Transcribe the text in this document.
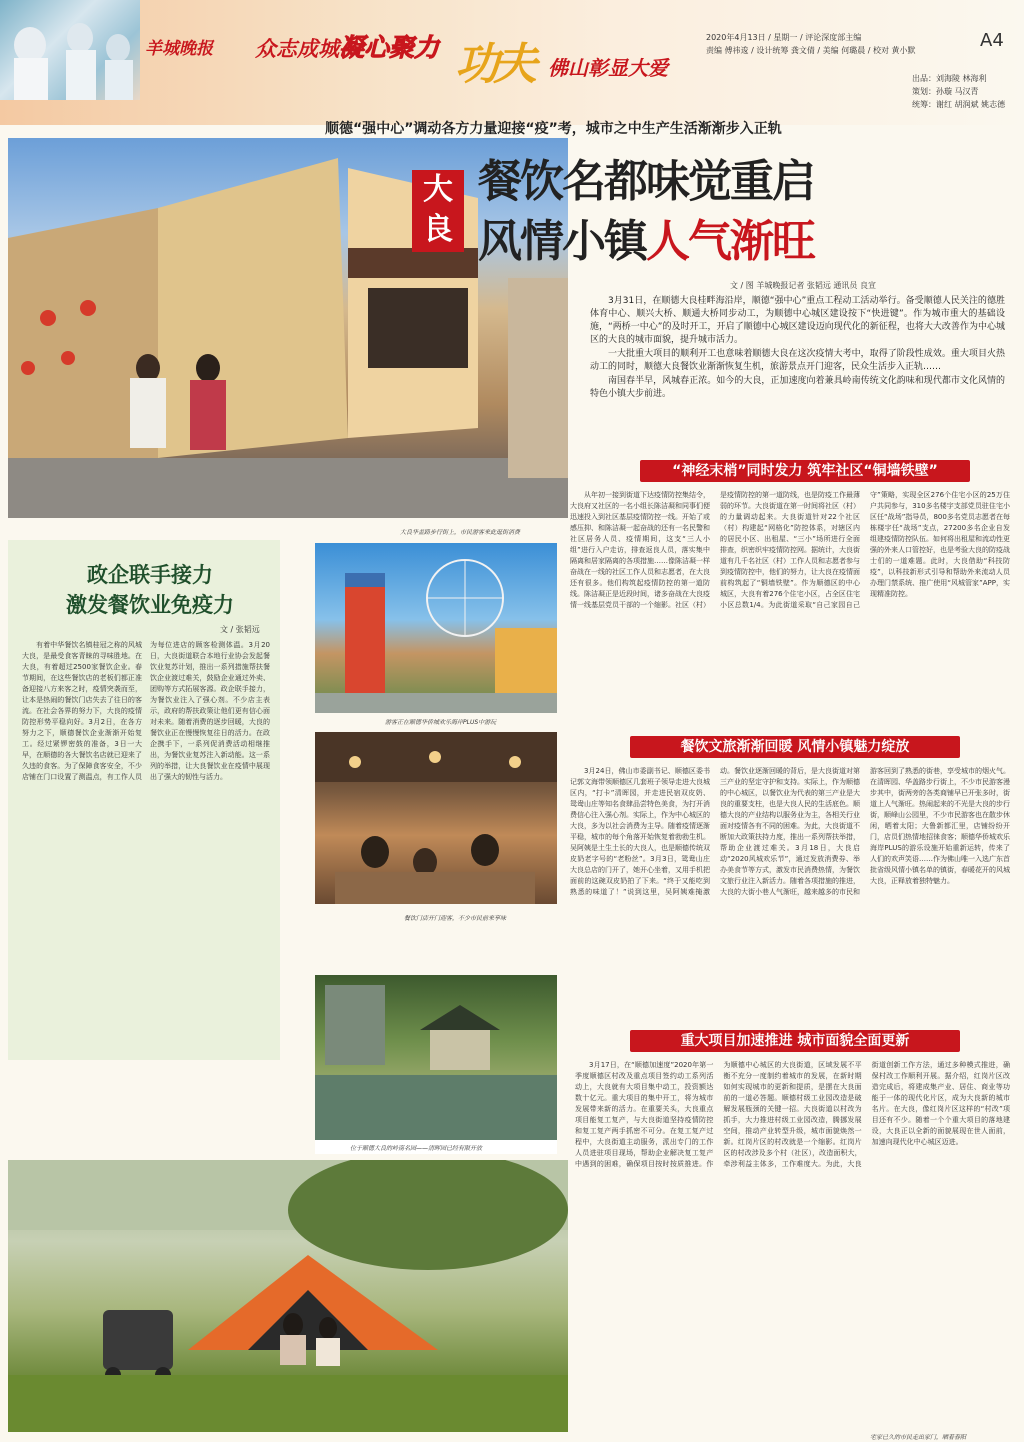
羊城晚报 众志成城凝心聚力 功夫 佛山彰显大爱
2020年4月13日 / 星期一 / 评论深度部主编	A4
责编 傅祎逡 / 设计统筹 龚文倩 / 美编 何璐晨 / 校对 黄小默
出品：刘海陵 林海利
策划：孙璇 马汉青
统筹：谢红 胡润斌 姚志德
顺德“强中心”调动各方力量迎接“疫”考，城市之中生产生活渐渐步入正轨
大良华盖路步行街上，市民游客来此逛街消费
大
良
餐饮名都味觉重启
风情小镇人气渐旺
文 / 图 羊城晚报记者 张韬远 通讯员 良宣

3月31日，在顺德大良桂畔海沿岸，顺德“强中心”重点工程动工活动举行。备受顺德人民关注的德胜体育中心、顺兴大桥、顺通大桥同步动工，为顺德中心城区建设按下“快进键”。作为城市重大的基础设施，“两桥一中心”的及时开工，开启了顺德中心城区建设迈向现代化的新征程，也将大大改善作为中心城区的大良的城市面貌，提升城市活力。

一大批重大项目的顺利开工也意味着顺德大良在这次疫情大考中，取得了阶段性成效。重大项目火热动工的同时，顺德大良餐饮业渐渐恢复生机，旅游景点开门迎客，民众生活步入正轨……

南国春半早，风城春正浓。如今的大良，正加速度向着兼具岭南传统文化韵味和现代都市文化风情的特色小镇大步前进。

政企联手接力
激发餐饮业免疫力
文 / 张韬远

有着中华餐饮名镇桂冠之称的风城大良，是最受食客青睐的寻味胜地。在大良，有着超过2500家餐饮企业。春节期间，在这些餐饮店的老板们都正准备迎接八方来客之时，疫情突袭而至，让本是热闹的餐饮门店失去了往日的客流。在社会各界的努力下，大良的疫情防控形势平稳向好。3月2日，在各方努力之下，顺德餐饮企业渐渐开始复工。经过紧锣密鼓的准备，3日一大早，在顺德的各大餐饮名店就已迎来了久违的食客。为了保障食客安全，不少店铺在门口设置了测温点，有工作人员为每位进店的顾客检测体温。3月20日，大良街道联合本地行业协会发起餐饮业复苏计划，推出一系列措施帮扶餐饮企业渡过难关，鼓励企业通过外卖、团购等方式拓展客源。政企联手接力，为餐饮业注入了强心剂。不少店主表示，政府的帮扶政策让他们更有信心面对未来。随着消费的逐步回暖，大良的餐饮业正在慢慢恢复往日的活力。在政企携手下，一系列促消费活动相继推出，为餐饮业复苏注入新动能。这一系列的举措，让大良餐饮业在疫情中展现出了强大的韧性与活力。

游客正在顺德华侨城欢乐海岸PLUS中游玩
餐饮门店开门迎客，不少市民前来享味
位于顺德大良的岭南名园——清晖园已经有限开放
“神经末梢”同时发力 筑牢社区“铜墙铁壁”

从年初一接到街道下达疫情防控集结令，大良府又社区的一名小组长陈洁凝和同事们便迅速投入到社区基层疫情防控一线。开始了或感压抑、和陈洁凝一起奋战的还有一名民警和社区居务人员、疫情期间，这支“三人小组”进行入户走访，排查返良人员，落实集中隔离和居家隔离的各项措施……像陈洁凝一样奋战在一线的社区工作人员和志愿者，在大良还有很多。他们构筑起疫情防控的第一道防线。陈洁凝正是近段时间，诸多奋战在大良疫情一线基层党员干部的一个缩影。社区（村）是疫情防控的第一道防线，也是防疫工作最薄弱的环节。大良街道在第一时间将社区（村）的力量调动起来。大良街道针对22个社区（村）构建起“网格化”防控体系，对辖区内的居民小区、出租屋、“三小”场所进行全面排查，织密织牢疫情防控网。据统计，大良街道有几千名社区（村）工作人员和志愿者参与到疫情防控中，他们的努力，让大良在疫情面前构筑起了“铜墙铁壁”。作为顺德区的中心城区，大良有着276个住宅小区，占全区住宅小区总数1/4。为此街道采取“自己家园自己守”策略，实现全区276个住宅小区的25万住户共同参与，310多名楼宇支部党员驻住宅小区任“战场”指导员，800多名党员志愿者在每栋楼宇任“战场”支点，27200多名企业自发组建疫情防控队伍。如何将出租屋和流动性更强的外来人口管控好，也是考验大良的防疫战士们的一道难题。此时，大良借助“科技防疫”，以科技新形式引导和帮助外来流动人员办理门禁系统、推广使用“风城管家”APP，实现精准防控。

餐饮文旅渐渐回暖 风情小镇魅力绽放

3月24日，佛山市委副书记、顺德区委书记郭文海带领顺德区几套班子领导走进大良城区内，“打卡”清晖园，并走进民宿双皮奶、鸳鸯山庄等知名食肆品尝特色美食，为打开消费信心注入强心剂。实际上，作为中心城区的大良，多为以社会消费为主导。随着疫情逐渐平稳，城市的每个角落开始恢复着勃勃生机。吴阿姨是土生土长的大良人，也是顺德传统双皮奶老字号的“老粉丝”。3月3日，鸳鸯山庄大良总店的门开了，她开心坐着，又用手机把面前的这碗双皮奶拍了下来。“终于又能吃到熟悉的味道了！”说到这里，吴阿姨难掩激动。餐饮业逐渐回暖的背后，是大良街道对第三产业的坚定守护和支持。实际上，作为顺德的中心城区，以餐饮业为代表的第三产业是大良的重要支柱，也是大良人民的生活底色。顺德大良的产业结构以服务业为主，各相关行业面对疫情各有不同的困难。为此，大良街道不断加大政策扶持力度，推出一系列帮扶举措，帮助企业渡过难关。3月18日，大良启动“2020风城欢乐节”，通过发放消费券、举办美食节等方式，激发市民消费热情，为餐饮文旅行业注入新活力。随着各项措施的推进，大良的大街小巷人气渐旺，越来越多的市民和游客回到了熟悉的街巷，享受城市的烟火气。在清晖园、华盖路步行街上，不少市民游客漫步其中，街两旁的各类商铺早已开张多时，街道上人气渐旺。热闹起来的不光是大良的步行街，顺峰山公园里，不少市民游客也在散步休闲，晒着太阳；大鲁新都汇里，店铺纷纷开门，店员们热情地招徕食客；顺德华侨城欢乐海岸PLUS的游乐设施开始重新运转，传来了人们的欢声笑语……作为佛山唯一入选广东首批省级风情小镇名单的镇街，春暖花开的风城大良，正释放着独特魅力。

重大项目加速推进 城市面貌全面更新

3月17日，在“顺德加速度”2020年第一季度顺德区村改及重点项目签约动工系列活动上，大良就有大项目集中动工，投资额达数十亿元。重大项目的集中开工，将为城市发展带来新的活力。在重要关头，大良重点项目能复工复产，与大良街道坚持疫情防控和复工复产两手抓密不可分。在复工复产过程中，大良街道主动服务，派出专门的工作人员进驻项目现场，帮助企业解决复工复产中遇到的困难，确保项目按时按质推进。作为顺德中心城区的大良街道，区域发展不平衡不充分一度制约着城市的发展，在新时期如何实现城市的更新和提质，是摆在大良面前的一道必答题。顺德村级工业园改造是破解发展瓶颈的关键一招。大良街道以村改为抓手，大力推进村级工业园改造，腾挪发展空间，推动产业转型升级，城市面貌焕然一新。红岗片区的村改就是一个缩影。红岗片区的村改涉及多个村（社区），改造面积大，牵涉利益主体多，工作难度大。为此，大良街道创新工作方法，通过多种模式推进，确保村改工作顺利开展。据介绍，红岗片区改造完成后，将建成集产业、居住、商业等功能于一体的现代化片区，成为大良新的城市名片。在大良，像红岗片区这样的“村改”项目还有不少。随着一个个重大项目的落地建设，大良正以全新的面貌展现在世人面前，加速向现代化中心城区迈进。

宅家已久的市民走出家门，晒着春阳
